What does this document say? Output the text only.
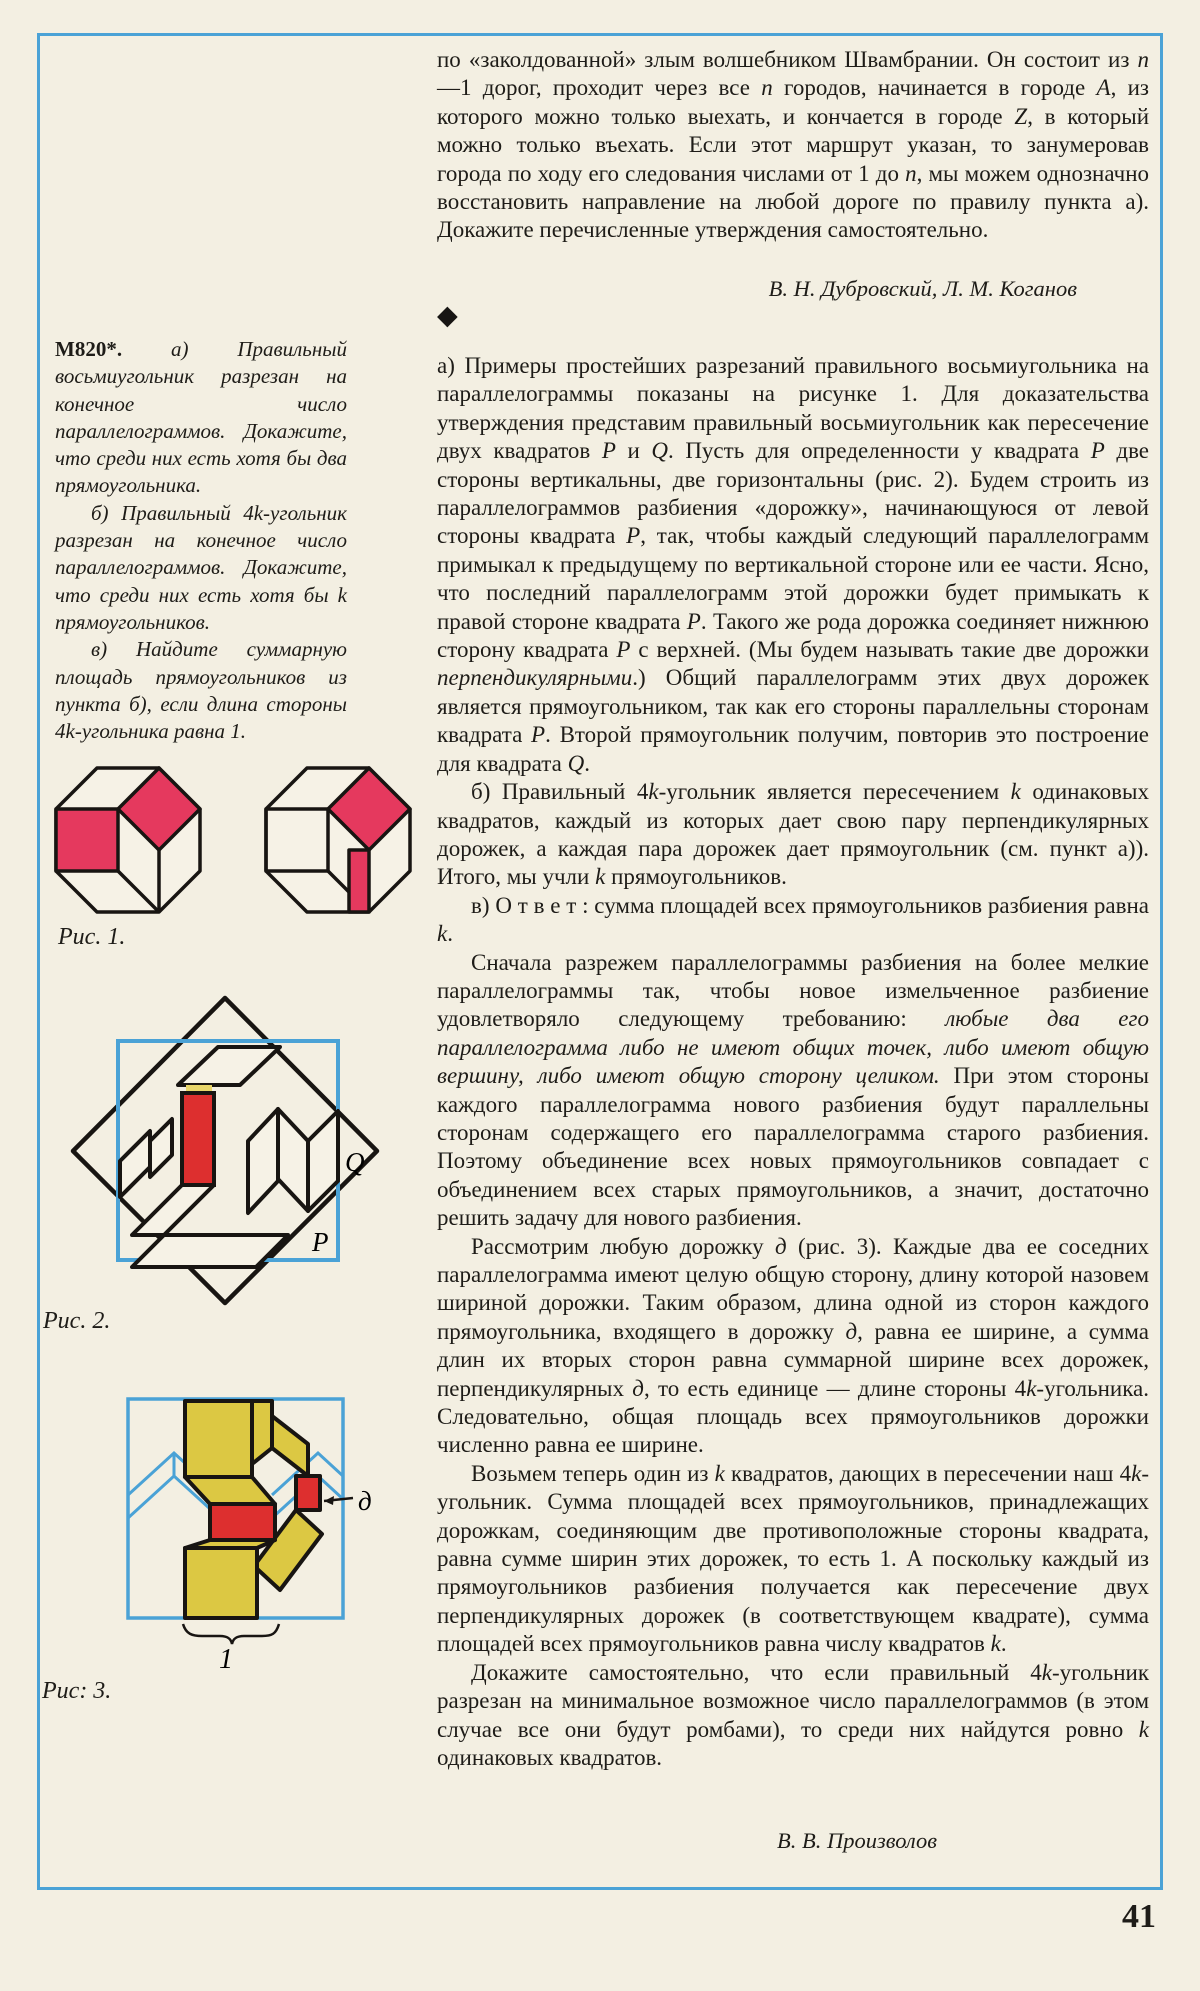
по «заколдованной» злым волшебником Швамбрании. Он состоит из n—1 дорог, проходит через все n городов, начинается в городе А, из которого можно только выехать, и кончается в городе Z, в который можно только въехать. Если этот маршрут указан, то занумеровав города по ходу его следования числами от 1 до n, мы можем однозначно восстановить направление на любой дороге по правилу пункта а). Докажите перечисленные утверждения самостоятельно.

В. Н. Дубровский, Л. М. Коганов

◆

М820*. а) Правильный восьмиугольник разрезан на конечное число параллелограммов. Докажите, что среди них есть хотя бы два прямоугольника.

б) Правильный 4k-угольник разрезан на конечное число параллелограммов. Докажите, что среди них есть хотя бы k прямоугольников.

в) Найдите суммарную площадь прямоугольников из пункта б), если длина стороны 4k-угольника равна 1.

Рис. 1.
Q
P
Рис. 2.
д
1
Рис: 3.

а) Примеры простейших разрезаний правильного восьмиугольника на параллелограммы показаны на рисунке 1. Для доказательства утверждения представим правильный восьмиугольник как пересечение двух квадратов P и Q. Пусть для определенности у квадрата P две стороны вертикальны, две горизонтальны (рис. 2). Будем строить из параллелограммов разбиения «дорожку», начинающуюся от левой стороны квадрата P, так, чтобы каждый следующий параллелограмм примыкал к предыдущему по вертикальной стороне или ее части. Ясно, что последний параллелограмм этой дорожки будет примыкать к правой стороне квадрата P. Такого же рода дорожка соединяет нижнюю сторону квадрата P с верхней. (Мы будем называть такие две дорожки перпендикулярными.) Общий параллелограмм этих двух дорожек является прямоугольником, так как его стороны параллельны сторонам квадрата P. Второй прямоугольник получим, повторив это построение для квадрата Q.

б) Правильный 4k-угольник является пересечением k одинаковых квадратов, каждый из которых дает свою пару перпендикулярных дорожек, а каждая пара дорожек дает прямоугольник (см. пункт а)). Итого, мы учли k прямоугольников.

в) О т в е т : сумма площадей всех прямоугольников разбиения равна k.

Сначала разрежем параллелограммы разбиения на более мелкие параллелограммы так, чтобы новое измельченное разбиение удовлетворяло следующему требованию: любые два его параллелограмма либо не имеют общих точек, либо имеют общую вершину, либо имеют общую сторону целиком. При этом стороны каждого параллелограмма нового разбиения будут параллельны сторонам содержащего его параллелограмма старого разбиения. Поэтому объединение всех новых прямоугольников совпадает с объединением всех старых прямоугольников, а значит, достаточно решить задачу для нового разбиения.

Рассмотрим любую дорожку д (рис. 3). Каждые два ее соседних параллелограмма имеют целую общую сторону, длину которой назовем шириной дорожки. Таким образом, длина одной из сторон каждого прямоугольника, входящего в дорожку д, равна ее ширине, а сумма длин их вторых сторон равна суммарной ширине всех дорожек, перпендикулярных д, то есть единице — длине стороны 4k-угольника. Следовательно, общая площадь всех прямоугольников дорожки численно равна ее ширине.

Возьмем теперь один из k квадратов, дающих в пересечении наш 4k-угольник. Сумма площадей всех прямоугольников, принадлежащих дорожкам, соединяющим две противоположные стороны квадрата, равна сумме ширин этих дорожек, то есть 1. А поскольку каждый из прямоугольников разбиения получается как пересечение двух перпендикулярных дорожек (в соответствующем квадрате), сумма площадей всех прямоугольников равна числу квадратов k.

Докажите самостоятельно, что если правильный 4k-угольник разрезан на минимальное возможное число параллелограммов (в этом случае все они будут ромбами), то среди них найдутся ровно k одинаковых квадратов.

В. В. Произволов

41
